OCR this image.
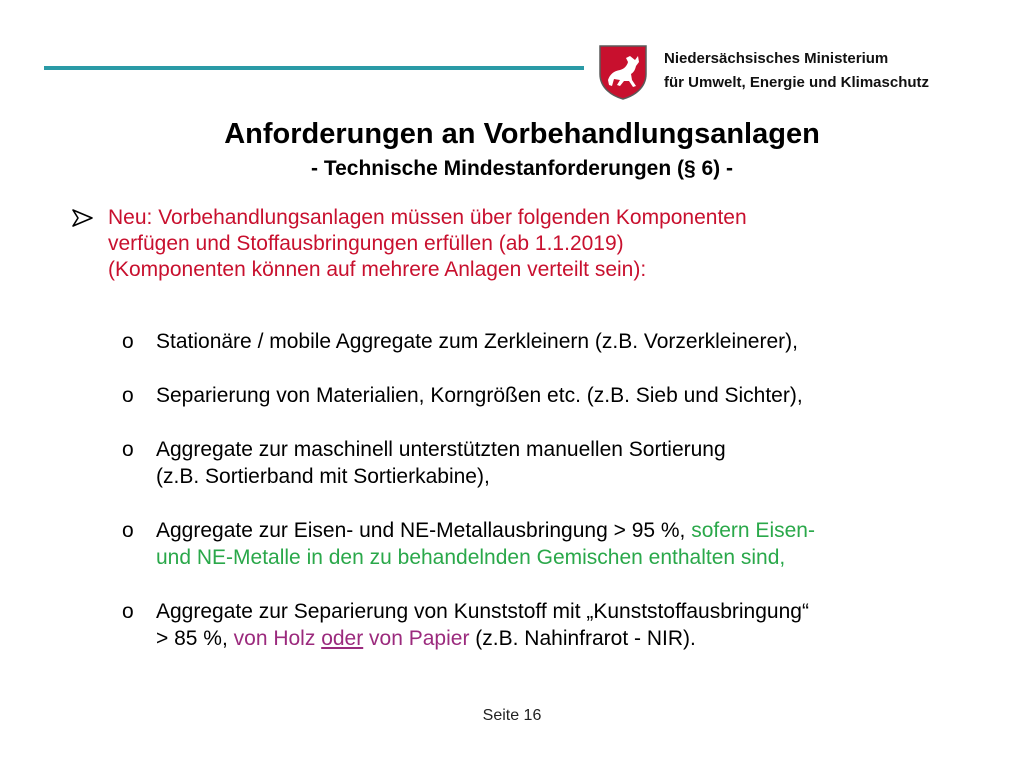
Niedersächsisches Ministerium
für Umwelt, Energie und Klimaschutz
Anforderungen an Vorbehandlungsanlagen
- Technische Mindestanforderungen (§ 6) -
Neu: Vorbehandlungsanlagen müssen über folgenden Komponenten
verfügen und Stoffausbringungen erfüllen (ab 1.1.2019)
(Komponenten können auf mehrere Anlagen verteilt sein):
o Stationäre / mobile Aggregate zum Zerkleinern (z.B. Vorzerkleinerer),
o Separierung von Materialien, Korngrößen etc. (z.B. Sieb und Sichter),
o Aggregate zur maschinell unterstützten manuellen Sortierung
(z.B. Sortierband mit Sortierkabine),
o Aggregate zur Eisen- und NE-Metallausbringung > 95 %, sofern Eisen-
und NE-Metalle in den zu behandelnden Gemischen enthalten sind,
o Aggregate zur Separierung von Kunststoff mit „Kunststoffausbringung“
> 85 %, von Holz oder von Papier (z.B. Nahinfrarot - NIR).
Seite 16
